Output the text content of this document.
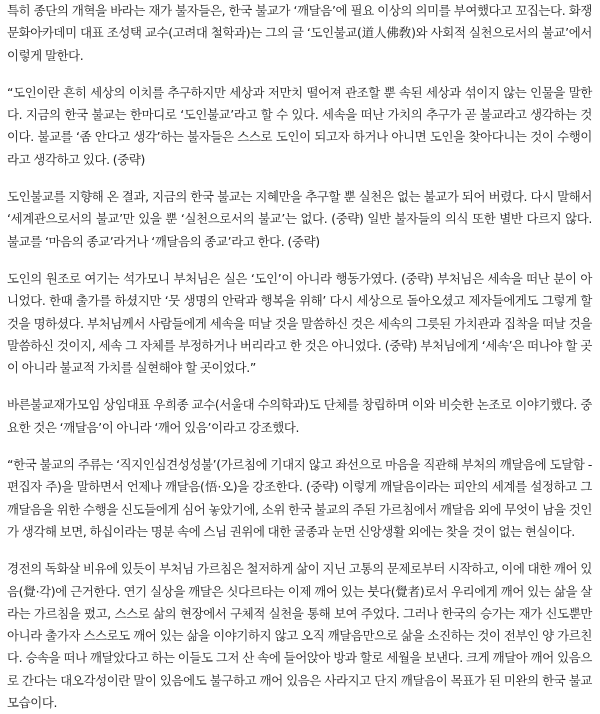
특히 종단의 개혁을 바라는 재가 불자들은, 한국 불교가 ‘깨달음’에 필요 이상의 의미를 부여했다고 꼬집는다. 화쟁문화아카데미 대표 조성택 교수(고려대 철학과)는 그의 글 ‘도인불교(道人佛敎)와 사회적 실천으로서의 불교’에서 이렇게 말한다.

“도인이란 흔히 세상의 이치를 추구하지만 세상과 저만치 떨어져 관조할 뿐 속된 세상과 섞이지 않는 인물을 말한다. 지금의 한국 불교는 한마디로 ‘도인불교’라고 할 수 있다. 세속을 떠난 가치의 추구가 곧 불교라고 생각하는 것이다. 불교를 ‘좀 안다고 생각’하는 불자들은 스스로 도인이 되고자 하거나 아니면 도인을 찾아다니는 것이 수행이라고 생각하고 있다. (중략)

도인불교를 지향해 온 결과, 지금의 한국 불교는 지혜만을 추구할 뿐 실천은 없는 불교가 되어 버렸다. 다시 말해서 ‘세계관으로서의 불교’만 있을 뿐 ‘실천으로서의 불교’는 없다. (중략) 일반 불자들의 의식 또한 별반 다르지 않다. 불교를 ‘마음의 종교’라거나 ‘깨달음의 종교’라고 한다. (중략)

도인의 원조로 여기는 석가모니 부처님은 실은 ‘도인’이 아니라 행동가였다. (중략) 부처님은 세속을 떠난 분이 아니었다. 한때 출가를 하셨지만 ‘뭇 생명의 안락과 행복을 위해’ 다시 세상으로 돌아오셨고 제자들에게도 그렇게 할 것을 명하셨다. 부처님께서 사람들에게 세속을 떠날 것을 말씀하신 것은 세속의 그릇된 가치관과 집착을 떠날 것을 말씀하신 것이지, 세속 그 자체를 부정하거나 버리라고 한 것은 아니었다. (중략) 부처님에게 ‘세속’은 떠나야 할 곳이 아니라 불교적 가치를 실현해야 할 곳이었다.”

바른불교재가모임 상임대표 우희종 교수(서울대 수의학과)도 단체를 창립하며 이와 비슷한 논조로 이야기했다. 중요한 것은 ‘깨달음’이 아니라 ‘깨어 있음’이라고 강조했다.

“한국 불교의 주류는 ‘직지인심견성성불’(가르침에 기대지 않고 좌선으로 마음을 직관해 부처의 깨달음에 도달함 - 편집자 주)을 말하면서 언제나 깨달음(悟·오)을 강조한다. (중략) 이렇게 깨달음이라는 피안의 세계를 설정하고 그 깨달음을 위한 수행을 신도들에게 심어 놓았기에, 소위 한국 불교의 주된 가르침에서 깨달음 외에 무엇이 남을 것인가 생각해 보면, 하십이라는 명분 속에 스님 권위에 대한 굴종과 눈먼 신앙생활 외에는 찾을 것이 없는 현실이다.

경전의 독화살 비유에 있듯이 부처님 가르침은 철저하게 삶이 지닌 고통의 문제로부터 시작하고, 이에 대한 깨어 있음(覺·각)에 근거한다. 연기 실상을 깨달은 싯다르타는 이제 깨어 있는 붓다(覺者)로서 우리에게 깨어 있는 삶을 살라는 가르침을 폈고, 스스로 삶의 현장에서 구체적 실천을 통해 보여 주었다. 그러나 한국의 승가는 재가 신도뿐만 아니라 출가자 스스로도 깨어 있는 삶을 이야기하지 않고 오직 깨달음만으로 삶을 소진하는 것이 전부인 양 가르친다. 승속을 떠나 깨달았다고 하는 이들도 그저 산 속에 들어앉아 방과 할로 세월을 보낸다. 크게 깨달아 깨어 있음으로 간다는 대오각성이란 말이 있음에도 불구하고 깨어 있음은 사라지고 단지 깨달음이 목표가 된 미완의 한국 불교 모습이다.
